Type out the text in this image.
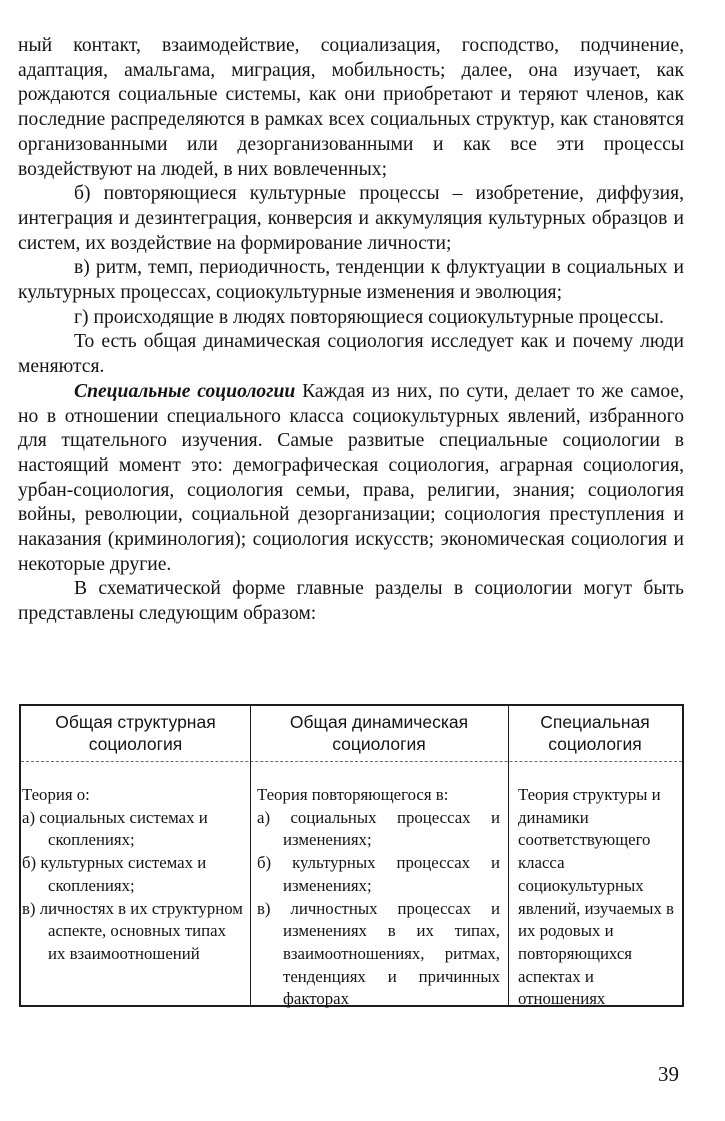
ный контакт, взаимодействие, социализация, господство, подчинение, адаптация, амальгама, миграция, мобильность; далее, она изучает, как рождаются социальные системы, как они приобретают и теряют членов, как последние распределяются в рамках всех социальных структур, как становятся организованными или дезорганизованными и как все эти процессы воздействуют на людей, в них вовлеченных;

б) повторяющиеся культурные процессы – изобретение, диффузия, интеграция и дезинтеграция, конверсия и аккумуляция культурных образцов и систем, их воздействие на формирование личности;

в) ритм, темп, периодичность, тенденции к флуктуации в социальных и культурных процессах, социокультурные изменения и эволюция;

г) происходящие в людях повторяющиеся социокультурные процессы.

То есть общая динамическая социология исследует как и почему люди меняются.

Специальные социологии Каждая из них, по сути, делает то же самое, но в отношении специального класса социокультурных явлений, избранного для тщательного изучения. Самые развитые специальные социологии в настоящий момент это: демографическая социология, аграрная социология, урбан-социология, социология семьи, права, религии, знания; социология войны, революции, социальной дезорганизации; социология преступления и наказания (криминология); социология искусств; экономическая социология и некоторые другие.

В схематической форме главные разделы в социологии могут быть представлены следующим образом:

Общая структурная социология
Общая динамическая социология
Специальная социология

Теория о:

а) социальных системах и скоплениях;
б) культурных системах и скоплениях;
в) личностях в их структурном аспекте, основных типах их взаимоотношений

Теория повторяющегося в:

а) социальных процессах и изменениях;
б) культурных процессах и изменениях;
в) личностных процессах и изменениях в их типах, взаимоотношениях, ритмах, тенденциях и причинных факторах
Теория структуры и динамики соответствующего класса социокультурных явлений, изучаемых в их родовых и повторяющихся аспектах и отношениях
39
